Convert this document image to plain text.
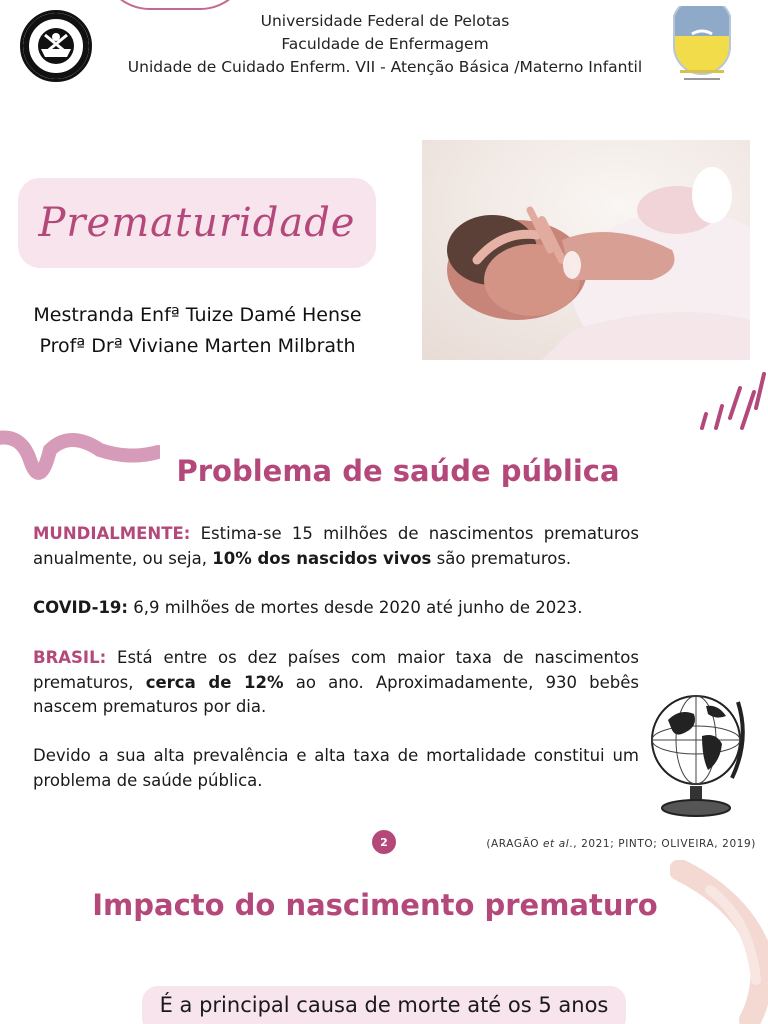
Universidade Federal de Pelotas
Faculdade de Enfermagem
Unidade de Cuidado Enferm. VII - Atenção Básica /Materno Infantil
Prematuridade
Mestranda Enfª Tuize Damé Hense
Profª Drª Viviane Marten Milbrath
Problema de saúde pública
MUNDIALMENTE: Estima-se 15 milhões de nascimentos prematuros anualmente, ou seja, 10% dos nascidos vivos são prematuros.
COVID-19: 6,9 milhões de mortes desde 2020 até junho de 2023.
BRASIL: Está entre os dez países com maior taxa de nascimentos prematuros, cerca de 12% ao ano. Aproximadamente, 930 bebês nascem prematuros por dia.
Devido a sua alta prevalência e alta taxa de mortalidade constitui um problema de saúde pública.
2	(ARAGÃO et al., 2021; PINTO; OLIVEIRA, 2019)
Impacto do nascimento prematuro
É a principal causa de morte até os 5 anos
